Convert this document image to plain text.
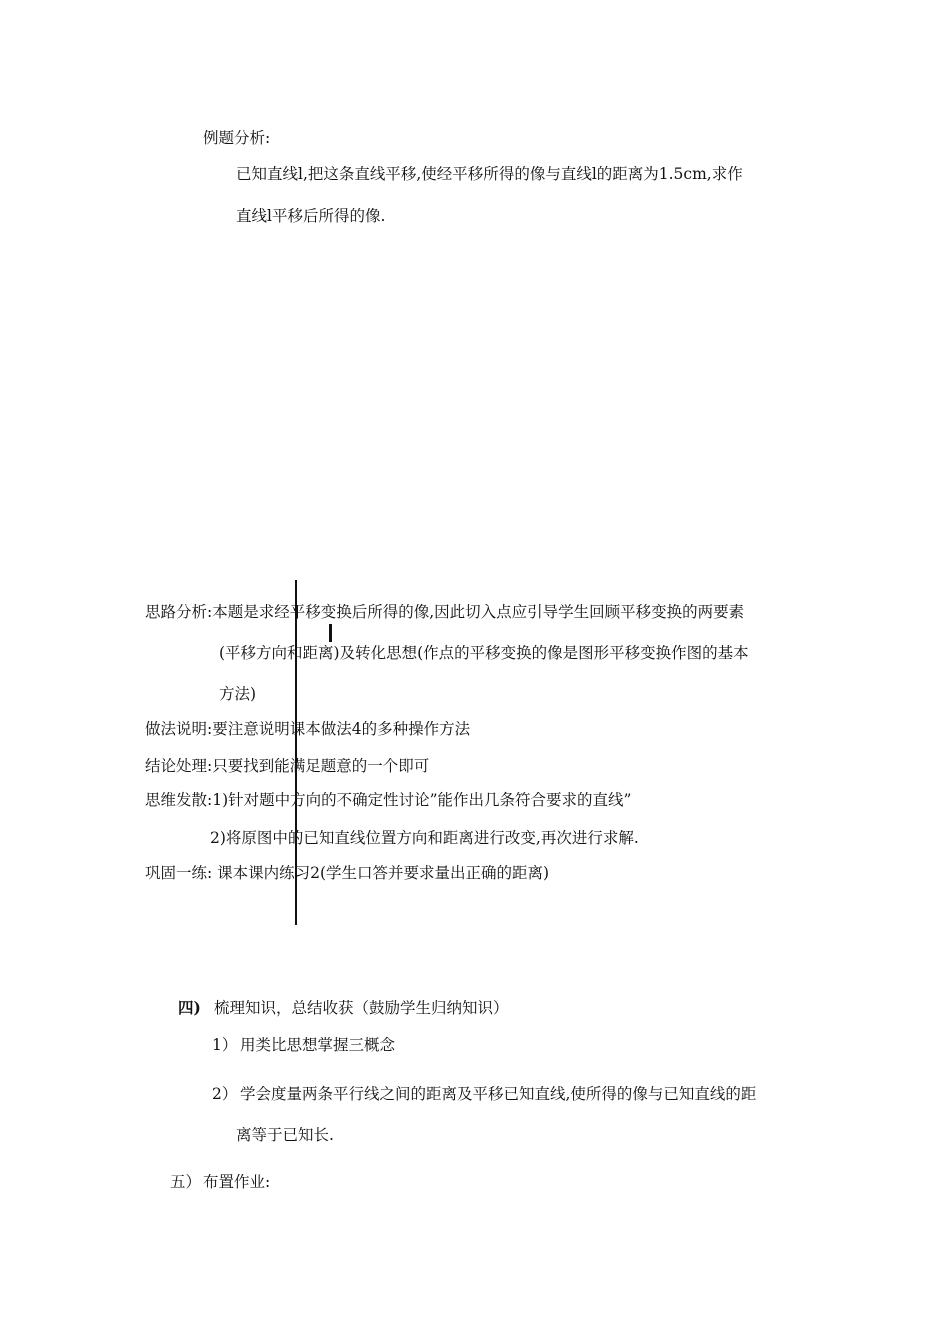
例题分析:
已知直线l,把这条直线平移,使经平移所得的像与直线l的距离为1.5cm,求作
直线l平移后所得的像.
思路分析:本题是求经平移变换后所得的像,因此切入点应引导学生回顾平移变换的两要素
(平移方向和距离)及转化思想(作点的平移变换的像是图形平移变换作图的基本
方法)
做法说明:要注意说明课本做法4的多种操作方法
结论处理:只要找到能满足题意的一个即可
思维发散:1)针对题中方向的不确定性讨论”能作出几条符合要求的直线”
2)将原图中的已知直线位置方向和距离进行改变,再次进行求解.
巩固一练: 课本课内练习2(学生口答并要求量出正确的距离)
四) 梳理知识，总结收获（鼓励学生归纳知识）
1） 用类比思想掌握三概念
2） 学会度量两条平行线之间的距离及平移已知直线,使所得的像与已知直线的距
离等于已知长.
五） 布置作业:
